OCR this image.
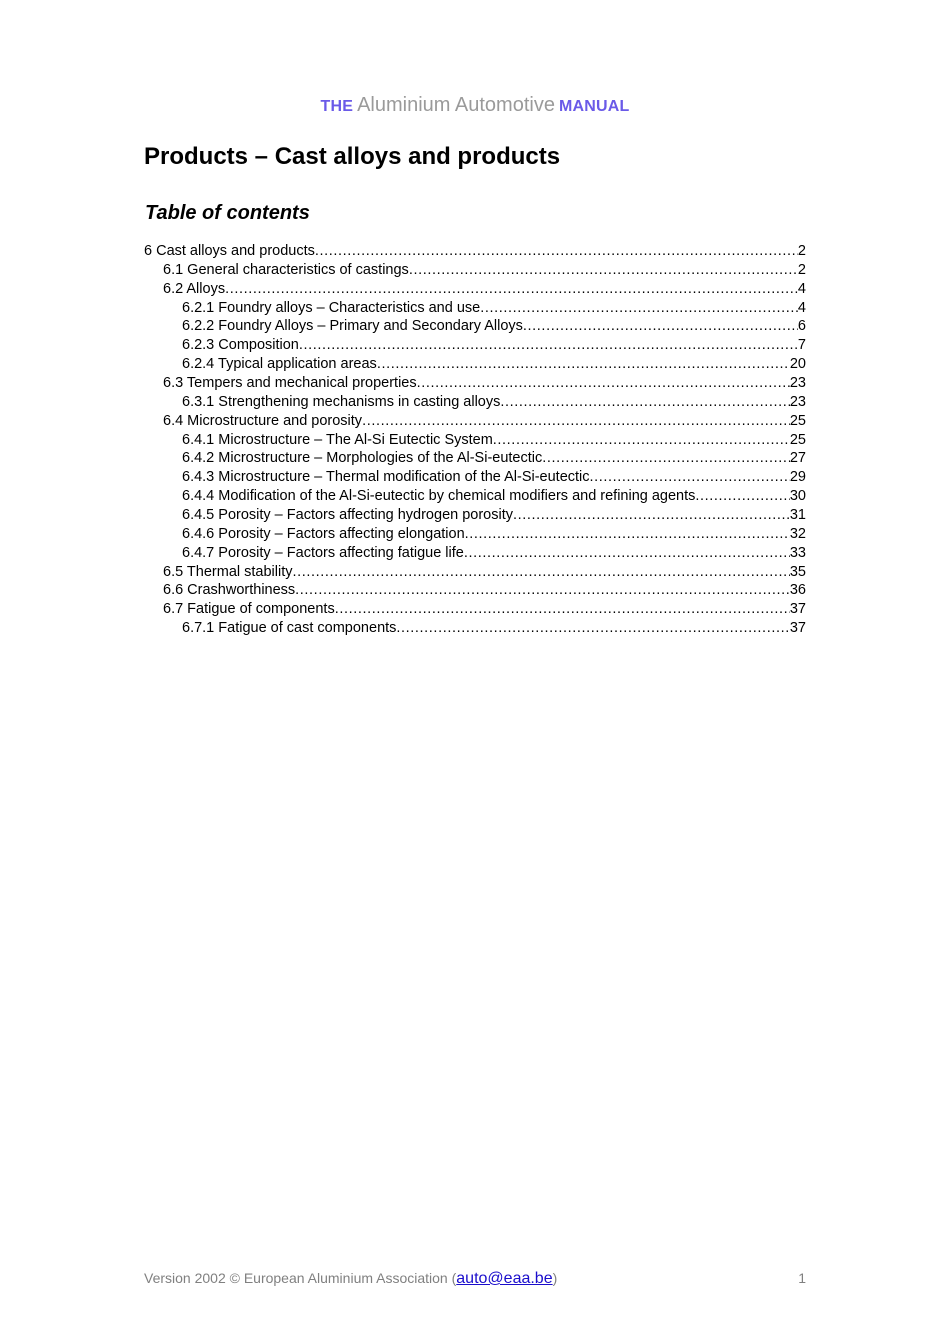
THE Aluminium Automotive MANUAL
Products – Cast alloys and products
Table of contents
6 Cast alloys and products .....	2
6.1 General characteristics of castings .....	2
6.2 Alloys .....	4
6.2.1 Foundry alloys – Characteristics and use .....	4
6.2.2 Foundry Alloys – Primary and Secondary Alloys .....	6
6.2.3 Composition .....	7
6.2.4 Typical application areas .....	20
6.3 Tempers and mechanical properties .....	23
6.3.1 Strengthening mechanisms in casting alloys .....	23
6.4 Microstructure and porosity .....	25
6.4.1 Microstructure – The Al-Si Eutectic System .....	25
6.4.2 Microstructure – Morphologies of the Al-Si-eutectic .....	27
6.4.3 Microstructure – Thermal modification of the Al-Si-eutectic .....	29
6.4.4 Modification of the Al-Si-eutectic by chemical modifiers and refining agents .....	30
6.4.5 Porosity – Factors affecting hydrogen porosity .....	31
6.4.6 Porosity – Factors affecting elongation .....	32
6.4.7 Porosity – Factors affecting fatigue life .....	33
6.5 Thermal stability .....	35
6.6 Crashworthiness .....	36
6.7 Fatigue of components .....	37
6.7.1 Fatigue of cast components .....	37
Version 2002 © European Aluminium Association (auto@eaa.be)	1
